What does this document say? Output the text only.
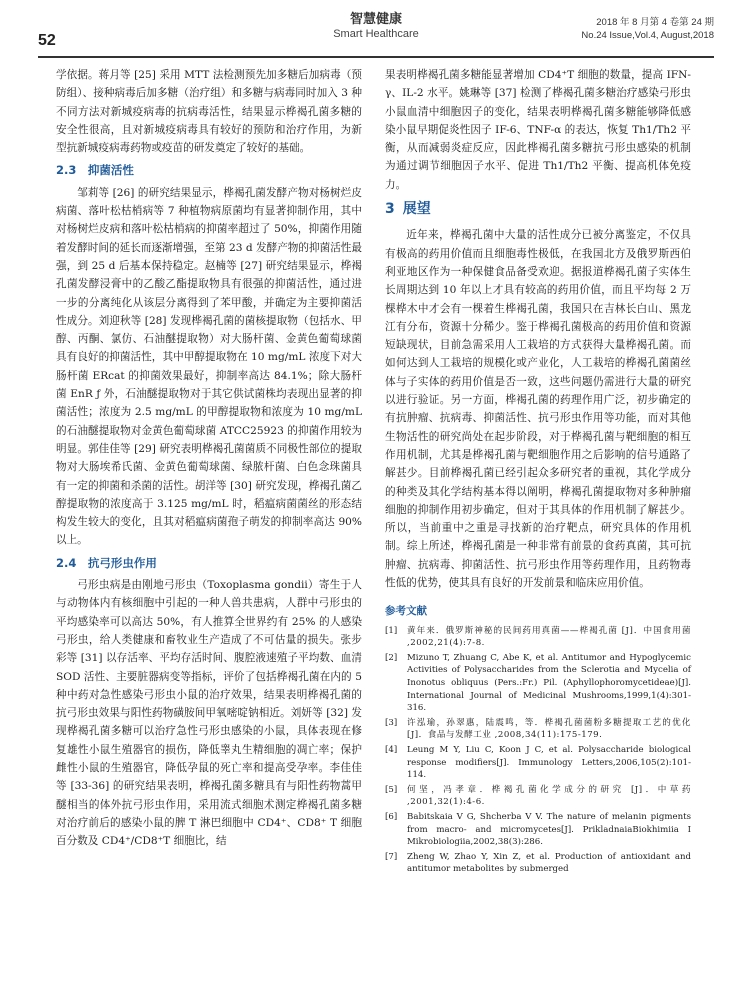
智慧健康
Smart Healthcare
52
2018 年 8 月第 4 卷第 24 期
No.24 Issue,Vol.4, August,2018

学依据。蒋月等 [25] 采用 MTT 法检测预先加多糖后加病毒（预防组）、接种病毒后加多糖（治疗组）和多糖与病毒同时加入 3 种不同方法对新城疫病毒的抗病毒活性，结果显示桦褐孔菌多糖的安全性很高，且对新城疫病毒具有较好的预防和治疗作用，为新型抗新城疫病毒药物或疫苗的研发奠定了较好的基础。

2.3　抑菌活性

邹莉等 [26] 的研究结果显示，桦褐孔菌发酵产物对杨树烂皮病菌、落叶松枯梢病等 7 种植物病原菌均有显著抑制作用，其中对杨树烂皮病和落叶松枯梢病的抑菌率超过了 50%，抑菌作用随着发酵时间的延长而逐渐增强，至第 23 d 发酵产物的抑菌活性最强，到 25 d 后基本保持稳定。赵楠等 [27] 研究结果显示，桦褐孔菌发酵浸膏中的乙酸乙酯提取物具有很强的抑菌活性，通过进一步的分离纯化从该层分离得到了苯甲酸，并确定为主要抑菌活性成分。刘迎秋等 [28] 发现桦褐孔菌的菌核提取物（包括水、甲醇、丙酮、氯仿、石油醚提取物）对大肠杆菌、金黄色葡萄球菌具有良好的抑菌活性，其中甲醇提取物在 10 mg/mL 浓度下对大肠杆菌 ERcat 的抑菌效果最好，抑制率高达 84.1%；除大肠杆菌 EnR ƒ 外，石油醚提取物对于其它供试菌株均表现出显著的抑菌活性；浓度为 2.5 mg/mL 的甲醇提取物和浓度为 10 mg/mL 的石油醚提取物对金黄色葡萄球菌 ATCC25923 的抑菌作用较为明显。郭佳佳等 [29] 研究表明桦褐孔菌菌质不同极性部位的提取物对大肠埃希氏菌、金黄色葡萄球菌、绿脓杆菌、白色念珠菌具有一定的抑菌和杀菌的活性。胡洋等 [30] 研究发现，桦褐孔菌乙醇提取物的浓度高于 3.125 mg/mL 时，稻瘟病菌菌丝的形态结构发生较大的变化，且其对稻瘟病菌孢子萌发的抑制率高达 90% 以上。

2.4　抗弓形虫作用

弓形虫病是由刚地弓形虫（Toxoplasma gondii）寄生于人与动物体内有核细胞中引起的一种人兽共患病，人群中弓形虫的平均感染率可以高达 50%，有人推算全世界约有 25% 的人感染弓形虫，给人类健康和畜牧业生产造成了不可估量的损失。张步彩等 [31] 以存活率、平均存活时间、腹腔液速殖子平均数、血清 SOD 活性、主要脏器病变等指标，评价了包括桦褐孔菌在内的 5 种中药对急性感染弓形虫小鼠的治疗效果，结果表明桦褐孔菌的抗弓形虫效果与阳性药物磺胺间甲氧嘧啶钠相近。刘妍等 [32] 发现桦褐孔菌多糖可以治疗急性弓形虫感染的小鼠，具体表现在修复雄性小鼠生殖器官的损伤，降低睾丸生精细胞的凋亡率；保护雌性小鼠的生殖器官，降低孕鼠的死亡率和提高受孕率。李佳佳等 [33-36] 的研究结果表明，桦褐孔菌多糖具有与阳性药物蒿甲醚相当的体外抗弓形虫作用，采用流式细胞术测定桦褐孔菌多糖对治疗前后的感染小鼠的脾 T 淋巴细胞中 CD4⁺、CD8⁺ T 细胞百分数及 CD4⁺/CD8⁺T 细胞比，结

果表明桦褐孔菌多糖能显著增加 CD4⁺T 细胞的数量，提高 IFN-γ、IL-2 水平。姚琳等 [37] 检测了桦褐孔菌多糖治疗感染弓形虫小鼠血清中细胞因子的变化，结果表明桦褐孔菌多糖能够降低感染小鼠早期促炎性因子 IF-6、TNF-α 的表达，恢复 Th1/Th2 平衡，从而减弱炎症反应，因此桦褐孔菌多糖抗弓形虫感染的机制为通过调节细胞因子水平、促进 Th1/Th2 平衡、提高机体免疫力。

3 展望

近年来，桦褐孔菌中大量的活性成分已被分离鉴定，不仅具有极高的药用价值而且细胞毒性极低，在我国北方及俄罗斯西伯利亚地区作为一种保健食品备受欢迎。据报道桦褐孔菌子实体生长周期达到 10 年以上才具有较高的药用价值，而且平均每 2 万棵桦木中才会有一棵着生桦褐孔菌，我国只在吉林长白山、黑龙江有分布，资源十分稀少。鉴于桦褐孔菌极高的药用价值和资源短缺现状，目前急需采用人工栽培的方式获得大量桦褐孔菌。而如何达到人工栽培的规模化或产业化，人工栽培的桦褐孔菌菌丝体与子实体的药用价值是否一致，这些问题仍需进行大量的研究以进行验证。另一方面，桦褐孔菌的药理作用广泛，初步确定的有抗肿瘤、抗病毒、抑菌活性、抗弓形虫作用等功能，而对其他生物活性的研究尚处在起步阶段，对于桦褐孔菌与靶细胞的相互作用机制，尤其是桦褐孔菌与靶细胞作用之后影响的信号通路了解甚少。目前桦褐孔菌已经引起众多研究者的重视，其化学成分的种类及其化学结构基本得以阐明，桦褐孔菌提取物对多种肿瘤细胞的抑制作用初步确定，但对于其具体的作用机制了解甚少。所以，当前重中之重是寻找新的治疗靶点，研究具体的作用机制。综上所述，桦褐孔菌是一种非常有前景的食药真菌，其可抗肿瘤、抗病毒、抑菌活性、抗弓形虫作用等药理作用，且药物毒性低的优势，使其具有良好的开发前景和临床应用价值。

参考文献
[1]	黄年来．俄罗斯神秘的民间药用真菌——桦褐孔菌 [J]．中国食用菌 ,2002,21(4):7-8.
[2]	Mizuno T, Zhuang C, Abe K, et al. Antitumor and Hypoglycemic Activities of Polysaccharides from the Sclerotia and Mycelia of Inonotus obliquus (Pers.:Fr.) Pil. (Aphyllophoromycetideae)[J]. International Journal of Medicinal Mushrooms,1999,1(4):301-316.
[3]	许泓瑜，孙翠惠，陆震鸣，等．桦褐孔菌菌粉多糖提取工艺的优化 [J]．食品与发酵工业 ,2008,34(11):175-179.
[4]	Leung M Y, Liu C, Koon J C, et al. Polysaccharide biological response modifiers[J]. Immunology Letters,2006,105(2):101-114.
[5]	何坚，冯孝章．桦褐孔菌化学成分的研究 [J]．中草药 ,2001,32(1):4-6.
[6]	Babitskaia V G, Shcherba V V. The nature of melanin pigments from macro- and micromycetes[J]. PrikladnaiaBiokhimiia I Mikrobiologiia,2002,38(3):286.
[7]	Zheng W, Zhao Y, Xin Z, et al. Production of antioxidant and antitumor metabolites by submerged
